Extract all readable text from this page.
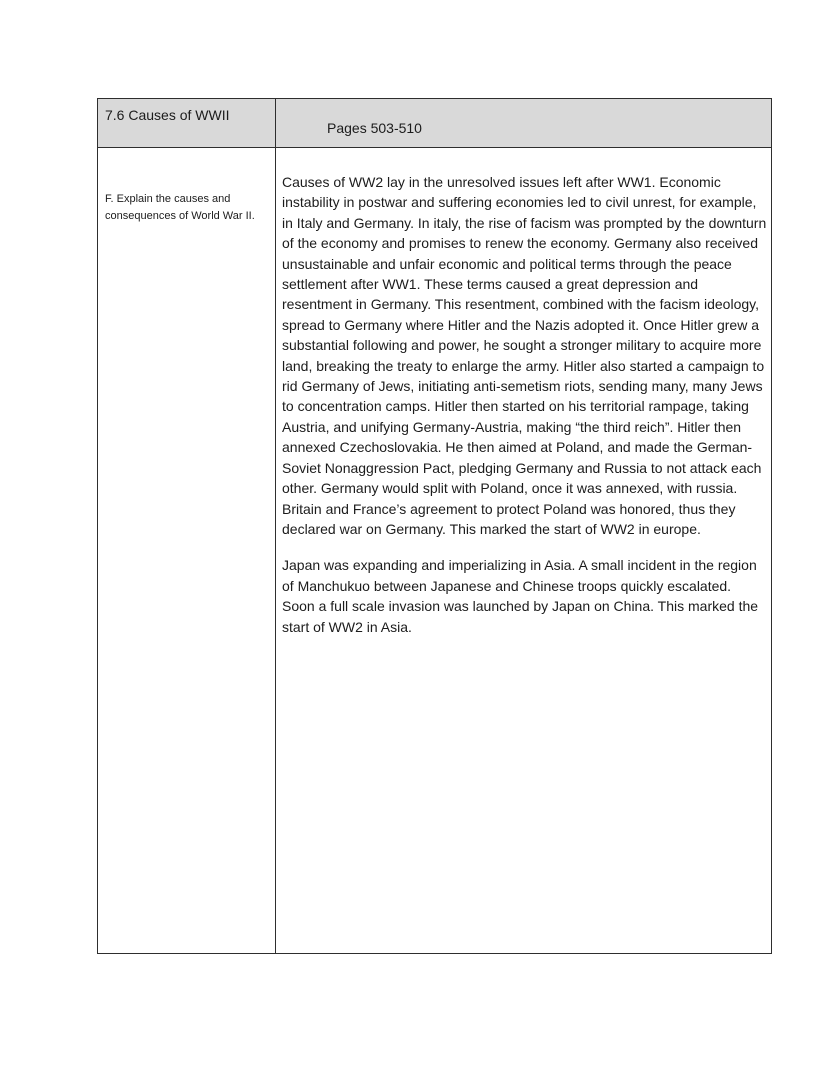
7.6 Causes of WWII	Pages 503-510

F. Explain the causes and consequences of World War II.	Causes of WW2 lay in the unresolved issues left after WW1. Economic instability in postwar and suffering economies led to civil unrest, for example, in Italy and Germany. In italy, the rise of facism was prompted by the downturn of the economy and promises to renew the economy. Germany also received unsustainable and unfair economic and political terms through the peace settlement after WW1. These terms caused a great depression and resentment in Germany. This resentment, combined with the facism ideology, spread to Germany where Hitler and the Nazis adopted it. Once Hitler grew a substantial following and power, he sought a stronger military to acquire more land, breaking the treaty to enlarge the army. Hitler also started a campaign to rid Germany of Jews, initiating anti-semetism riots, sending many, many Jews to concentration camps. Hitler then started on his territorial rampage, taking Austria, and unifying Germany-Austria, making “the third reich”. Hitler then annexed Czechoslovakia. He then aimed at Poland, and made the German-Soviet Nonaggression Pact, pledging Germany and Russia to not attack each other. Germany would split with Poland, once it was annexed, with russia. Britain and France’s agreement to protect Poland was honored, thus they declared war on Germany. This marked the start of WW2 in europe.

Japan was expanding and imperializing in Asia. A small incident in the region of Manchukuo between Japanese and Chinese troops quickly escalated. Soon a full scale invasion was launched by Japan on China. This marked the start of WW2 in Asia.
